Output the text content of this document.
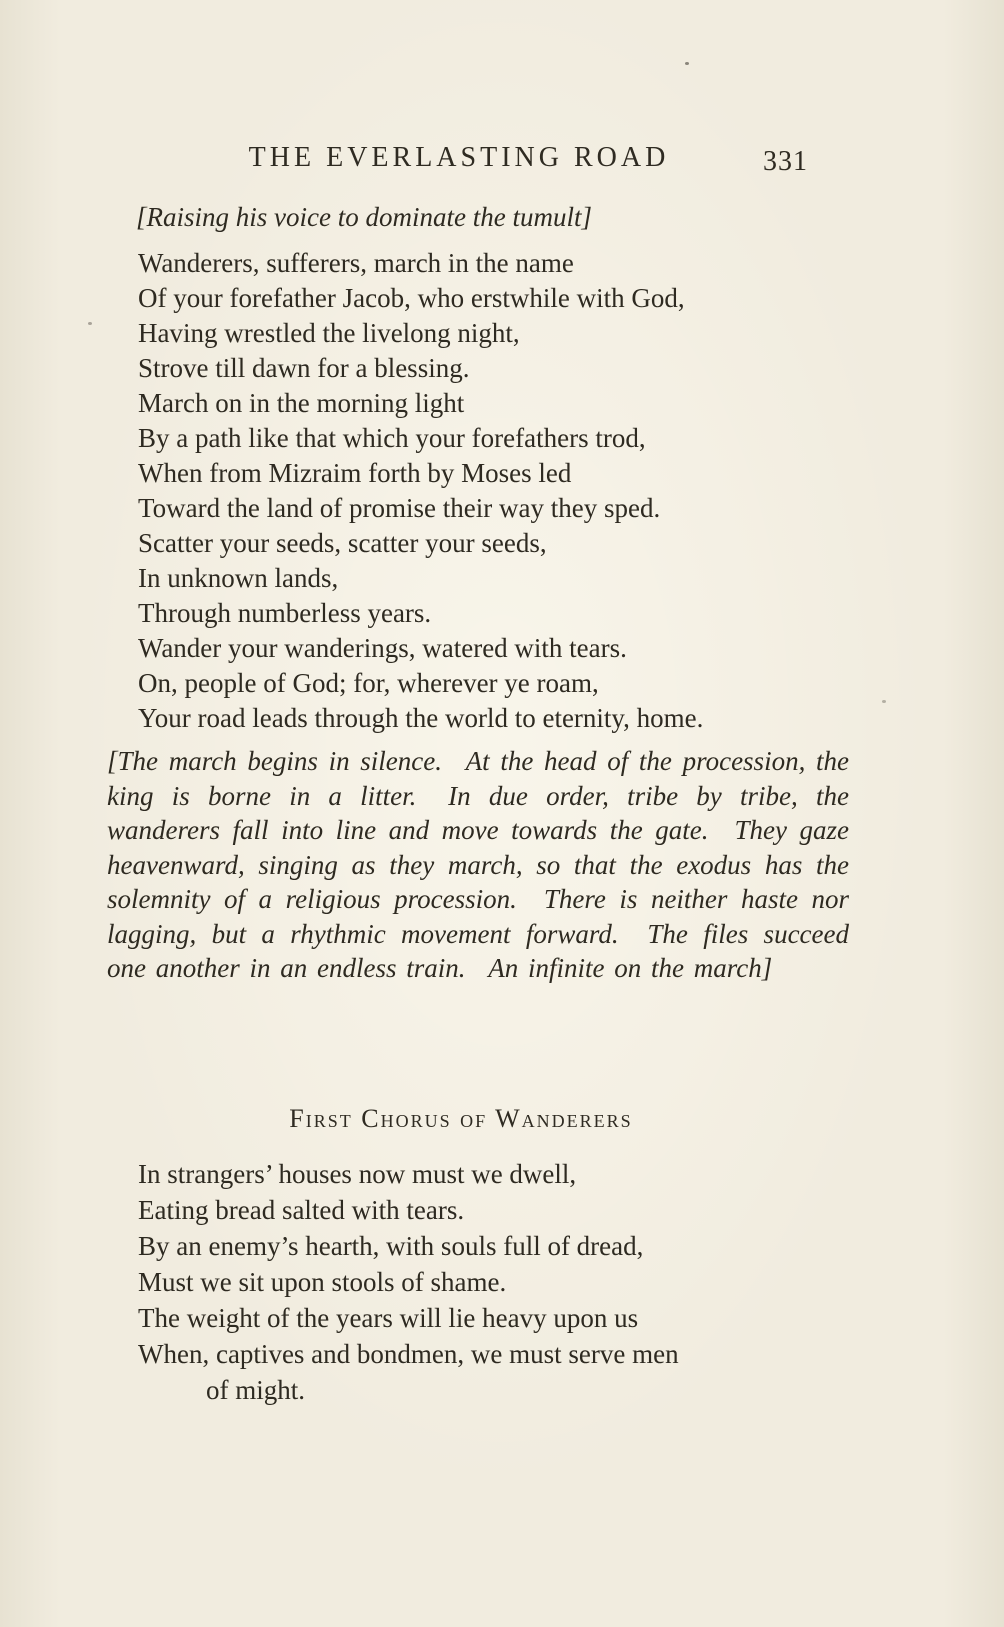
THE EVERLASTING ROAD	331
[Raising his voice to dominate the tumult]
Wanderers, sufferers, march in the name
Of your forefather Jacob, who erstwhile with God,
Having wrestled the livelong night,
Strove till dawn for a blessing.
March on in the morning light
By a path like that which your forefathers trod,
When from Mizraim forth by Moses led
Toward the land of promise their way they sped.
Scatter your seeds, scatter your seeds,
In unknown lands,
Through numberless years.
Wander your wanderings, watered with tears.
On, people of God; for, wherever ye roam,
Your road leads through the world to eternity, home.
[The march begins in silence.  At the head of the procession, the king is borne in a litter.  In due order, tribe by tribe, the wanderers fall into line and move towards the gate.  They gaze heavenward, singing as they march, so that the exodus has the solemnity of a religious procession.  There is neither haste nor lagging, but a rhythmic movement forward.  The files succeed one another in an endless train.  An infinite on the march]
First Chorus of Wanderers
In strangers’ houses now must we dwell,
Eating bread salted with tears.
By an enemy’s hearth, with souls full of dread,
Must we sit upon stools of shame.
The weight of the years will lie heavy upon us
When, captives and bondmen, we must serve men
of might.
